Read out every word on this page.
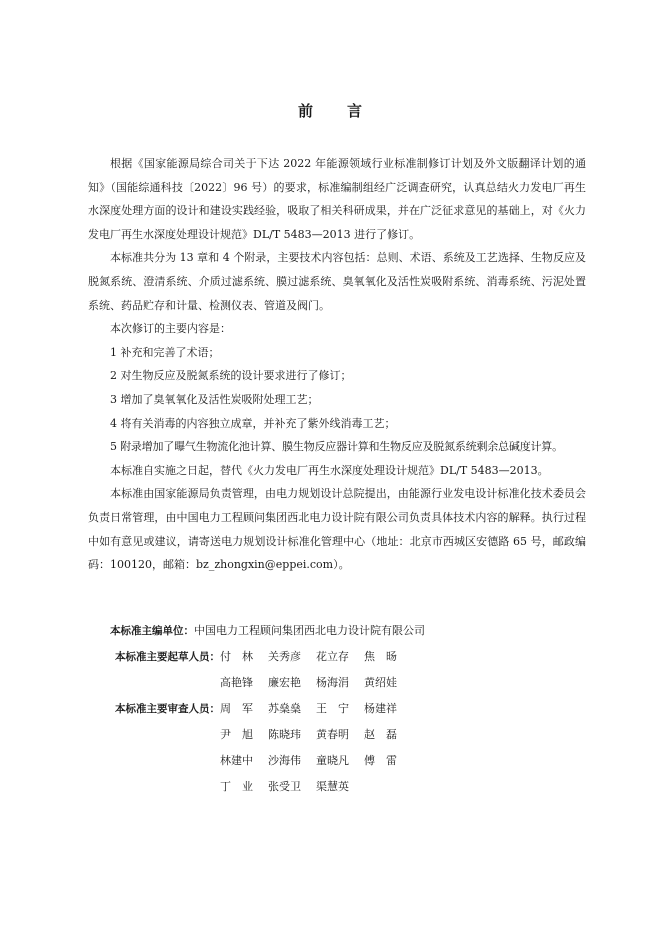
前 言

根据《国家能源局综合司关于下达 2022 年能源领域行业标准制修订计划及外文版翻译计划的通知》（国能综通科技〔2022〕96 号）的要求，标准编制组经广泛调查研究，认真总结火力发电厂再生水深度处理方面的设计和建设实践经验，吸取了相关科研成果，并在广泛征求意见的基础上，对《火力发电厂再生水深度处理设计规范》DL/T 5483—2013 进行了修订。

本标准共分为 13 章和 4 个附录，主要技术内容包括：总则、术语、系统及工艺选择、生物反应及脱氮系统、澄清系统、介质过滤系统、膜过滤系统、臭氧氧化及活性炭吸附系统、消毒系统、污泥处置系统、药品贮存和计量、检测仪表、管道及阀门。

本次修订的主要内容是：

1 补充和完善了术语；

2 对生物反应及脱氮系统的设计要求进行了修订；

3 增加了臭氧氧化及活性炭吸附处理工艺；

4 将有关消毒的内容独立成章，并补充了紫外线消毒工艺；

5 附录增加了曝气生物流化池计算、膜生物反应器计算和生物反应及脱氮系统剩余总碱度计算。

本标准自实施之日起，替代《火力发电厂再生水深度处理设计规范》DL/T 5483—2013。

本标准由国家能源局负责管理，由电力规划设计总院提出，由能源行业发电设计标准化技术委员会负责日常管理，由中国电力工程顾问集团西北电力设计院有限公司负责具体技术内容的解释。执行过程中如有意见或建议，请寄送电力规划设计标准化管理中心（地址：北京市西城区安德路 65 号，邮政编码：100120，邮箱：bz_zhongxin@eppei.com）。

本标准主编单位： 中国电力工程顾问集团西北电力设计院有限公司
本标准主要起草人员： 付　林	关秀彦	花立存	焦　旸
高艳锋	廉宏艳	杨海涓	黄绍娃
本标准主要审查人员： 周　军	苏燊燊	王　宁	杨建祥
尹　旭	陈晓玮	黄春明	赵　磊
林建中	沙海伟	童晓凡	傅　雷
丁　业	张受卫	渠慧英
